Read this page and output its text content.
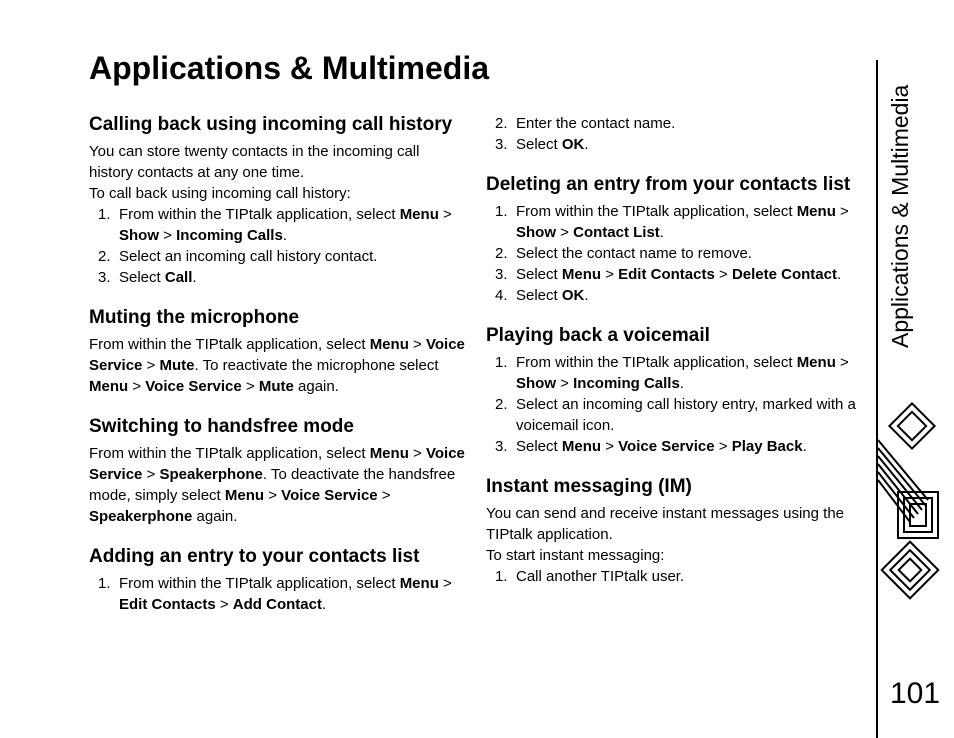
Applications & Multimedia
Calling back using incoming call history

You can store twenty contacts in the incoming call history contacts at any one time.

To call back using incoming call history:

1. From within the TIPtalk application, select Menu > Show > Incoming Calls.
2. Select an incoming call history contact.
3. Select Call.
Muting the microphone

From within the TIPtalk application, select Menu > Voice Service > Mute. To reactivate the microphone select Menu > Voice Service > Mute again.

Switching to handsfree mode

From within the TIPtalk application, select Menu > Voice Service > Speakerphone. To deactivate the handsfree mode, simply select Menu > Voice Service > Speakerphone again.

Adding an entry to your contacts list
1. From within the TIPtalk application, select Menu > Edit Contacts > Add Contact.
2. Enter the contact name.
3. Select OK.
Deleting an entry from your contacts list
1. From within the TIPtalk application, select Menu > Show > Contact List.
2. Select the contact name to remove.
3. Select Menu > Edit Contacts > Delete Contact.
4. Select OK.
Playing back a voicemail
1. From within the TIPtalk application, select Menu > Show > Incoming Calls.
2. Select an incoming call history entry, marked with a voicemail icon.
3. Select Menu > Voice Service > Play Back.
Instant messaging (IM)

You can send and receive instant messages using the TIPtalk application.

To start instant messaging:

1. Call another TIPtalk user.
Applications & Multimedia
101
